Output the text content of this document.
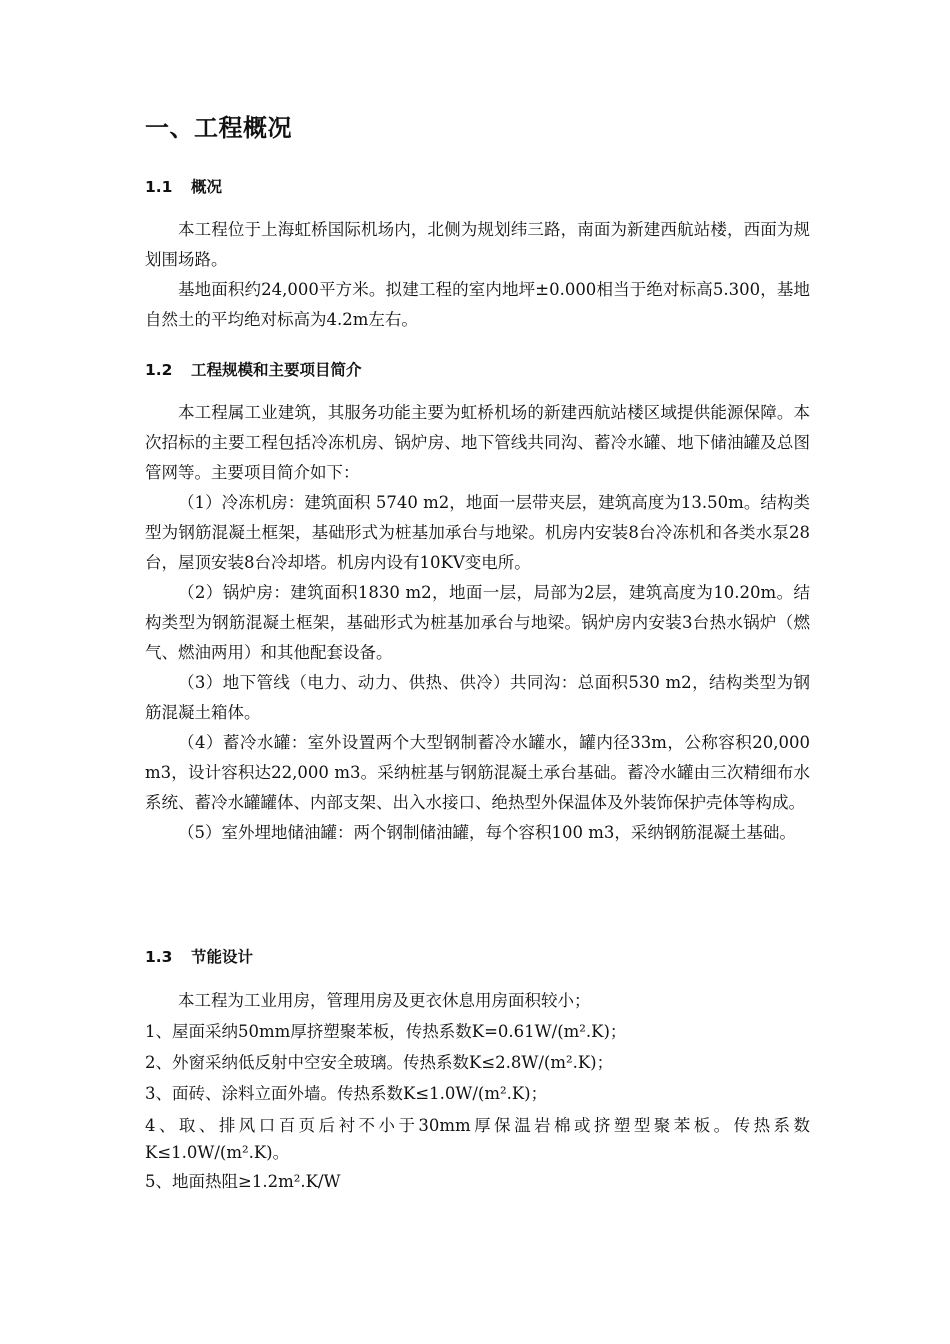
一、工程概况
1.1 概况

本工程位于上海虹桥国际机场内，北侧为规划纬三路，南面为新建西航站楼，西面为规划围场路。

基地面积约24,000平方米。拟建工程的室内地坪±0.000相当于绝对标高5.300，基地自然土的平均绝对标高为4.2m左右。

1.2 工程规模和主要项目简介

本工程属工业建筑，其服务功能主要为虹桥机场的新建西航站楼区域提供能源保障。本次招标的主要工程包括冷冻机房、锅炉房、地下管线共同沟、蓄冷水罐、地下储油罐及总图管网等。主要项目简介如下：

（1）冷冻机房：建筑面积 5740 m2，地面一层带夹层，建筑高度为13.50m。结构类型为钢筋混凝土框架，基础形式为桩基加承台与地梁。机房内安装8台冷冻机和各类水泵28台，屋顶安装8台冷却塔。机房内设有10KV变电所。

（2）锅炉房：建筑面积1830 m2，地面一层，局部为2层，建筑高度为10.20m。结构类型为钢筋混凝土框架，基础形式为桩基加承台与地梁。锅炉房内安装3台热水锅炉（燃气、燃油两用）和其他配套设备。

（3）地下管线（电力、动力、供热、供冷）共同沟：总面积530 m2，结构类型为钢筋混凝土箱体。

（4）蓄冷水罐：室外设置两个大型钢制蓄冷水罐水，罐内径33m，公称容积20,000 m3，设计容积达22,000 m3。采纳桩基与钢筋混凝土承台基础。蓄冷水罐由三次精细布水系统、蓄冷水罐罐体、内部支架、出入水接口、绝热型外保温体及外装饰保护壳体等构成。

（5）室外埋地储油罐：两个钢制储油罐，每个容积100 m3，采纳钢筋混凝土基础。

1.3 节能设计

本工程为工业用房，管理用房及更衣休息用房面积较小；

1、屋面采纳50mm厚挤塑聚苯板，传热系数K=0.61W/(m².K)；

2、外窗采纳低反射中空安全玻璃。传热系数K≤2.8W/(m².K)；

3、面砖、涂料立面外墙。传热系数K≤1.0W/(m².K)；

4、取、排风口百页后衬不小于30mm厚保温岩棉或挤塑型聚苯板。传热系数K≤1.0W/(m².K)。

5、地面热阻≥1.2m².K/W
